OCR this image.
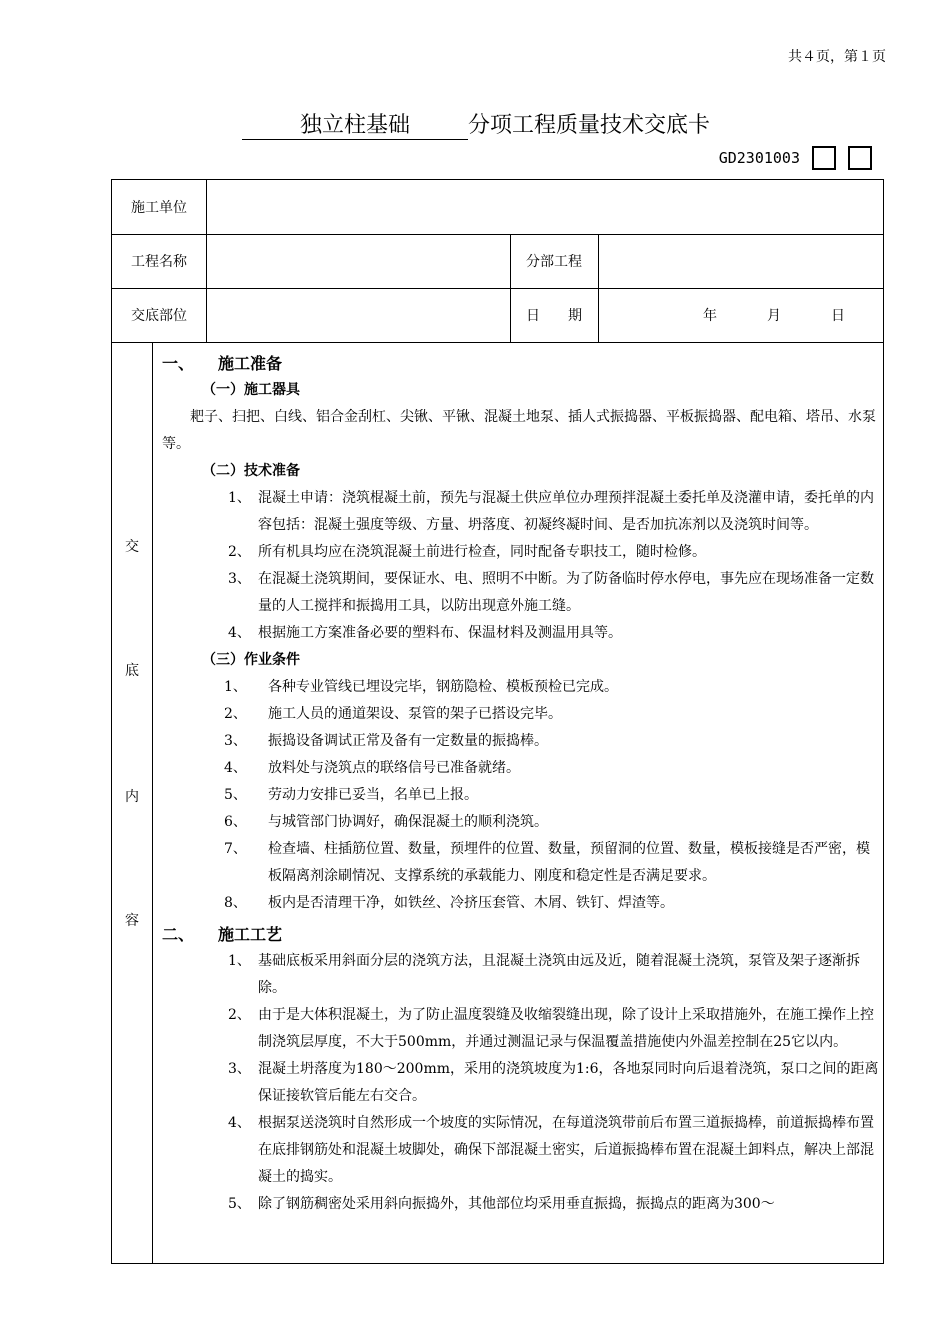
共４页，第１页
独立柱基础	分项工程质量技术交底卡
GD2301003
施工单位
工程名称	分部工程
交底部位	日　　期	年	月	日
交
底
内
容
一、 施工准备
（一）施工器具
耙子、扫把、白线、铝合金刮杠、尖锹、平锹、混凝土地泵、插人式振捣器、平板振捣器、配电箱、塔吊、水泵等。
（二）技术准备
1、 混凝土申请：浇筑棍凝土前，预先与混凝土供应单位办理预拌混凝土委托单及浇灌申请，委托单的内容包括：混凝土强度等级、方量、坍落度、初凝终凝时间、是否加抗冻剂以及浇筑时间等。
2、 所有机具均应在浇筑混凝土前进行检查，同时配备专职技工，随时检修。
3、 在混凝土浇筑期间，要保证水、电、照明不中断。为了防备临时停水停电，事先应在现场准备一定数量的人工搅拌和振捣用工具，以防出现意外施工缝。
4、 根据施工方案准备必要的塑料布、保温材料及测温用具等。
（三）作业条件
1、	各种专业管线已埋设完毕，钢筋隐检、模板预检已完成。
2、	施工人员的通道架设、泵管的架子已搭设完毕。
3、	振捣设备调试正常及备有一定数量的振捣棒。
4、	放料处与浇筑点的联络信号已准备就绪。
5、	劳动力安排已妥当，名单已上报。
6、	与城管部门协调好，确保混凝土的顺利浇筑。
7、	检查墙、柱插筋位置、数量，预埋件的位置、数量，预留洞的位置、数量，模板接缝是否严密，模板隔离剂涂刷情况、支撑系统的承载能力、刚度和稳定性是否满足要求。
8、	板内是否清理干净，如铁丝、冷挤压套管、木屑、铁钉、焊渣等。
二、 施工工艺
1、 基础底板采用斜面分层的浇筑方法，且混凝土浇筑由远及近，随着混凝土浇筑，泵管及架子逐渐拆除。
2、 由于是大体积混凝土，为了防止温度裂缝及收缩裂缝出现，除了设计上采取措施外，在施工操作上控制浇筑层厚度，不大于500mm，并通过测温记录与保温覆盖措施使内外温差控制在25它以内。
3、 混凝土坍落度为180～200mm，采用的浇筑坡度为1:6，各地泵同时向后退着浇筑，泵口之间的距离保证接软管后能左右交合。
4、 根据泵送浇筑时自然形成一个坡度的实际情况，在每道浇筑带前后布置三道振捣棒，前道振捣棒布置在底排钢筋处和混凝土坡脚处，确保下部混凝土密实，后道振捣棒布置在混凝土卸料点，解决上部混凝土的捣实。
5、 除了钢筋稠密处采用斜向振捣外，其他部位均采用垂直振捣，振捣点的距离为300～
